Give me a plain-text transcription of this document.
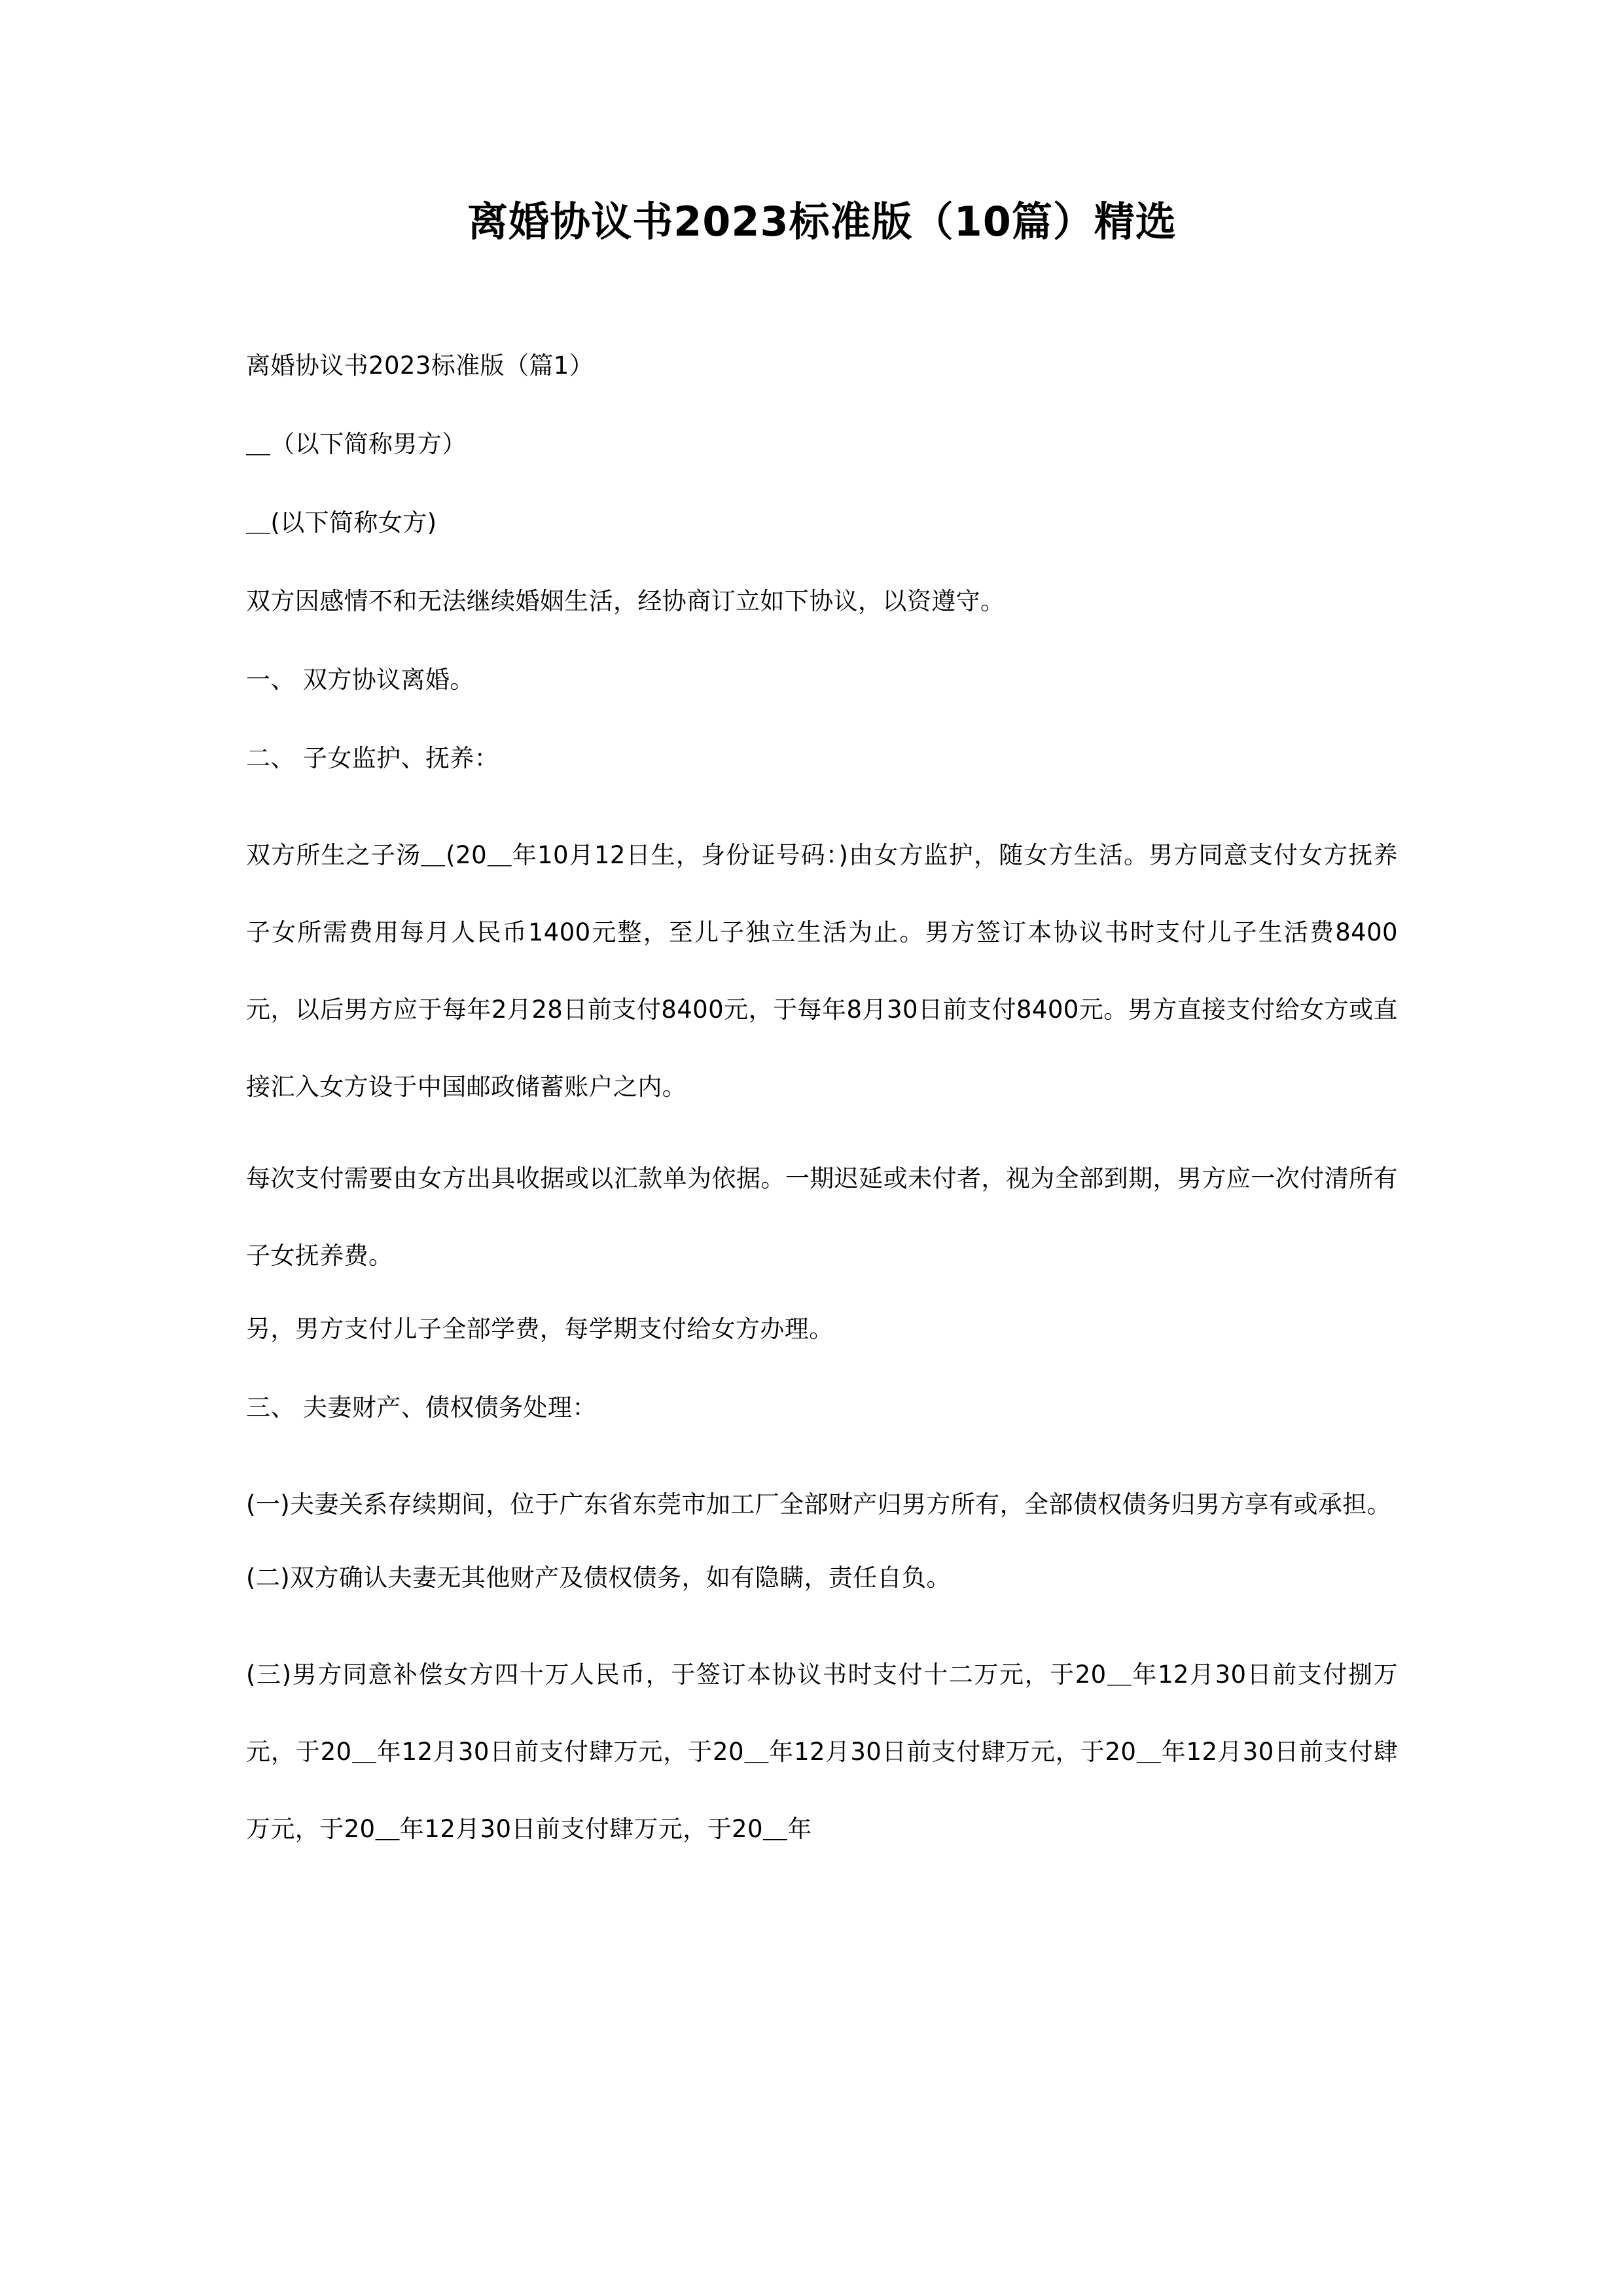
离婚协议书2023标准版（10篇）精选

离婚协议书2023标准版（篇1）

＿（以下简称男方）

＿(以下简称女方)

双方因感情不和无法继续婚姻生活，经协商订立如下协议，以资遵守。

一、 双方协议离婚。

二、 子女监护、抚养：

双方所生之子汤＿(20＿年10月12日生，身份证号码：)由女方监护，随女方生活。男方同意支付女方抚养子女所需费用每月人民币1400元整，至儿子独立生活为止。男方签订本协议书时支付儿子生活费8400元，以后男方应于每年2月28日前支付8400元，于每年8月30日前支付8400元。男方直接支付给女方或直接汇入女方设于中国邮政储蓄账户之内。

每次支付需要由女方出具收据或以汇款单为依据。一期迟延或未付者，视为全部到期，男方应一次付清所有子女抚养费。

另，男方支付儿子全部学费，每学期支付给女方办理。

三、 夫妻财产、债权债务处理：

(一)夫妻关系存续期间，位于广东省东莞市加工厂全部财产归男方所有，全部债权债务归男方享有或承担。

(二)双方确认夫妻无其他财产及债权债务，如有隐瞒，责任自负。

(三)男方同意补偿女方四十万人民币，于签订本协议书时支付十二万元，于20＿年12月30日前支付捌万元，于20＿年12月30日前支付肆万元，于20＿年12月30日前支付肆万元，于20＿年12月30日前支付肆万元，于20＿年12月30日前支付肆万元，于20＿年
